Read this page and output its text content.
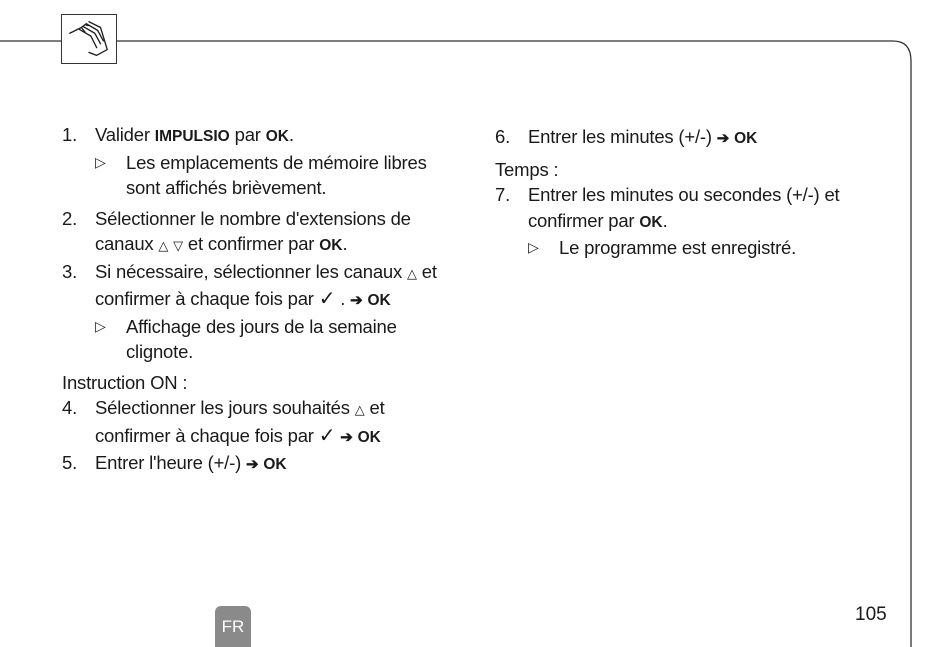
1. Valider IMPULSIO par OK.
▷ Les emplacements de mémoire libres sont affichés brièvement.
2. Sélectionner le nombre d'extensions de canaux △ ▽ et confirmer par OK.
3. Si nécessaire, sélectionner les canaux △ et confirmer à chaque fois par ✓ . ➔ OK
▷ Affichage des jours de la semaine clignote.
Instruction ON :
4. Sélectionner les jours souhaités △ et confirmer à chaque fois par ✓ ➔ OK
5. Entrer l'heure (+/-) ➔ OK
6. Entrer les minutes (+/-) ➔ OK
Temps :
7. Entrer les minutes ou secondes (+/-) et confirmer par OK.
▷ Le programme est enregistré.
FR
105
